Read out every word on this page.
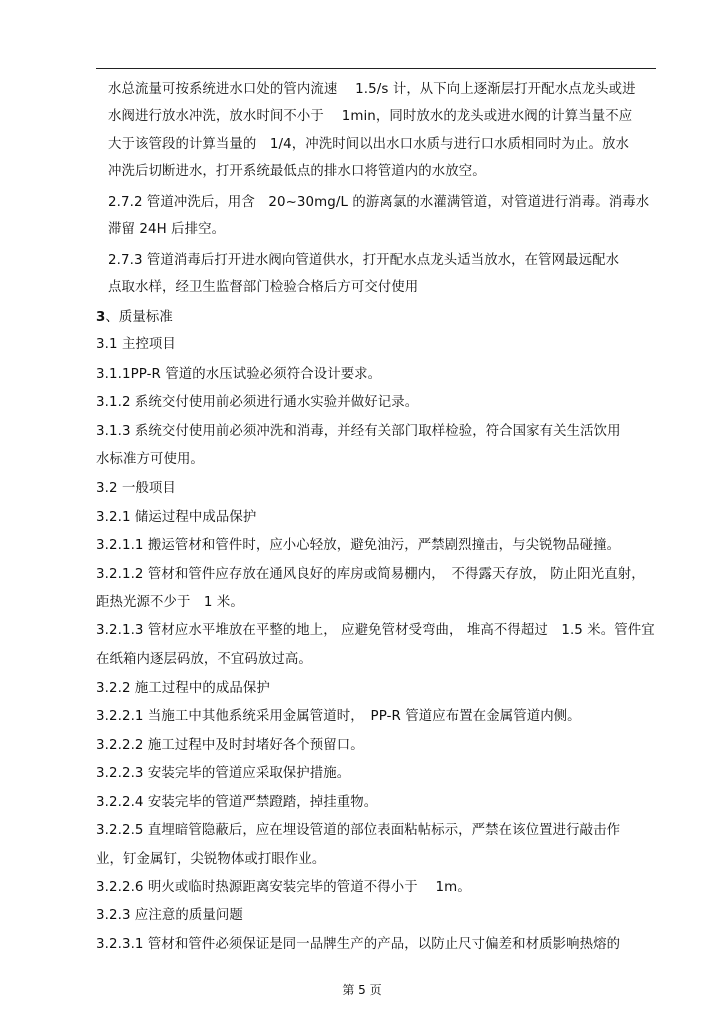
水总流量可按系统进水口处的管内流速　 1.5/s 计，从下向上逐渐层打开配水点龙头或进
水阀进行放水冲洗，放水时间不小于　 1min，同时放水的龙头或进水阀的计算当量不应
大于该管段的计算当量的　1/4，冲洗时间以出水口水质与进行口水质相同时为止。放水
冲洗后切断进水，打开系统最低点的排水口将管道内的水放空。
2.7.2 管道冲洗后，用含　20~30mg/L 的游离氯的水灌满管道，对管道进行消毒。消毒水
滞留 24H 后排空。
2.7.3 管道消毒后打开进水阀向管道供水，打开配水点龙头适当放水，在管网最远配水
点取水样，经卫生监督部门检验合格后方可交付使用
3、质量标准
3.1 主控项目
3.1.1PP-R 管道的水压试验必须符合设计要求。
3.1.2 系统交付使用前必须进行通水实验并做好记录。
3.1.3 系统交付使用前必须冲洗和消毒，并经有关部门取样检验，符合国家有关生活饮用
水标准方可使用。
3.2 一般项目
3.2.1 储运过程中成品保护
3.2.1.1 搬运管材和管件时，应小心轻放，避免油污，严禁剧烈撞击，与尖锐物品碰撞。
3.2.1.2 管材和管件应存放在通风良好的库房或简易棚内，　不得露天存放， 防止阳光直射，
距热光源不少于　1 米。
3.2.1.3 管材应水平堆放在平整的地上， 应避免管材受弯曲， 堆高不得超过　1.5 米。管件宜
在纸箱内逐层码放，不宜码放过高。
3.2.2 施工过程中的成品保护
3.2.2.1 当施工中其他系统采用金属管道时，　PP-R 管道应布置在金属管道内侧。
3.2.2.2 施工过程中及时封堵好各个预留口。
3.2.2.3 安装完毕的管道应采取保护措施。
3.2.2.4 安装完毕的管道严禁蹬踏，掉挂重物。
3.2.2.5 直埋暗管隐蔽后，应在埋设管道的部位表面粘帖标示，严禁在该位置进行敲击作
业，钉金属钉，尖锐物体或打眼作业。
3.2.2.6 明火或临时热源距离安装完毕的管道不得小于　 1m。
3.2.3 应注意的质量问题
3.2.3.1 管材和管件必须保证是同一品牌生产的产品，以防止尺寸偏差和材质影响热熔的
第 5 页
